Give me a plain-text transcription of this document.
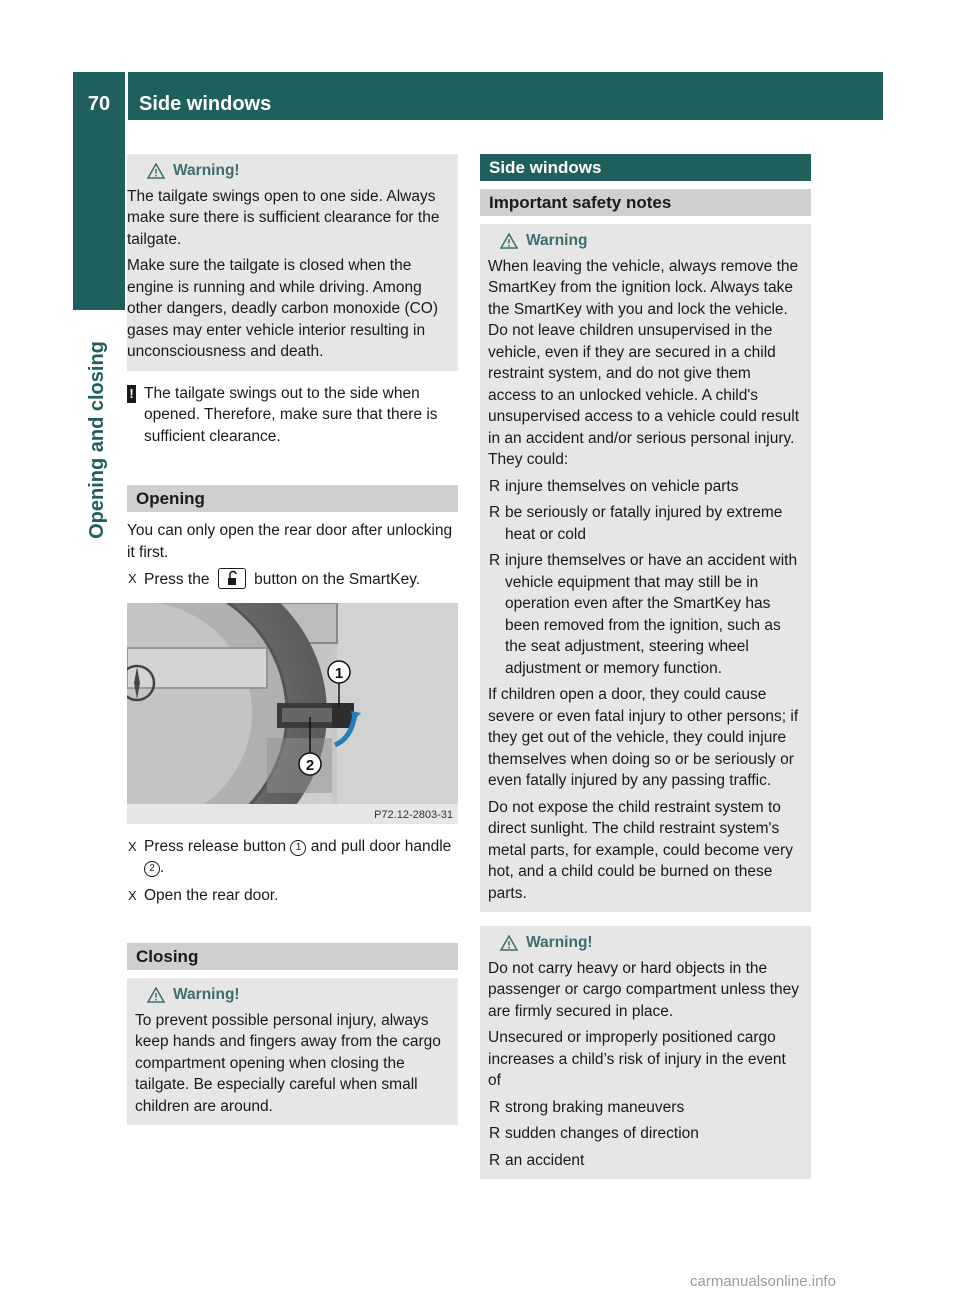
70	Side windows
Opening and closing
Warning!

The tailgate swings open to one side. Always make sure there is sufficient clearance for the tailgate.

Make sure the tailgate is closed when the engine is running and while driving. Among other dangers, deadly carbon monoxide (CO) gases may enter vehicle interior resulting in unconsciousness and death.

! The tailgate swings out to the side when opened. Therefore, make sure that there is sufficient clearance.
Opening

You can only open the rear door after unlocking it first.

X Press the	button on the SmartKey.
1
2
P72.12-2803-31
X Press release button 1 and pull door handle 2 .
X Open the rear door.
Closing
Warning!

To prevent possible personal injury, always keep hands and fingers away from the cargo compartment opening when closing the tailgate. Be especially careful when small children are around.

Side windows
Important safety notes
Warning

When leaving the vehicle, always remove the SmartKey from the ignition lock. Always take the SmartKey with you and lock the vehicle. Do not leave children unsupervised in the vehicle, even if they are secured in a child restraint system, and do not give them access to an unlocked vehicle. A child's unsupervised access to a vehicle could result in an accident and/or serious personal injury. They could:

R injure themselves on vehicle parts
R be seriously or fatally injured by extreme heat or cold
R injure themselves or have an accident with vehicle equipment that may still be in operation even after the SmartKey has been removed from the ignition, such as the seat adjustment, steering wheel adjustment or memory function.

If children open a door, they could cause severe or even fatal injury to other persons; if they get out of the vehicle, they could injure themselves when doing so or be seriously or even fatally injured by any passing traffic.

Do not expose the child restraint system to direct sunlight. The child restraint system's metal parts, for example, could become very hot, and a child could be burned on these parts.

Warning!

Do not carry heavy or hard objects in the passenger or cargo compartment unless they are firmly secured in place.

Unsecured or improperly positioned cargo increases a child’s risk of injury in the event of

R strong braking maneuvers
R sudden changes of direction
R an accident
carmanualsonline.info
